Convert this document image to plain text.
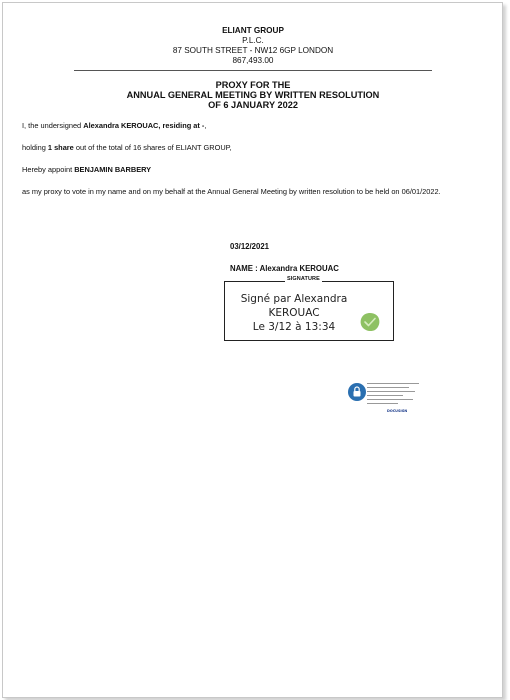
ELIANT GROUP
P.L.C.
87 SOUTH STREET - NW12 6GP LONDON
867,493.00
PROXY FOR THE
ANNUAL GENERAL MEETING BY WRITTEN RESOLUTION
OF 6 JANUARY 2022
I, the undersigned Alexandra KEROUAC, residing at -,
holding 1 share out of the total of 16 shares of ELIANT GROUP,
Hereby appoint BENJAMIN BARBERY
as my proxy to vote in my name and on my behalf at the Annual General Meeting by written resolution to be held on 06/01/2022.
03/12/2021
NAME : Alexandra KEROUAC
SIGNATURE
Signé par Alexandra
KEROUAC
Le 3/12 à 13:34
DOCUSIGN
